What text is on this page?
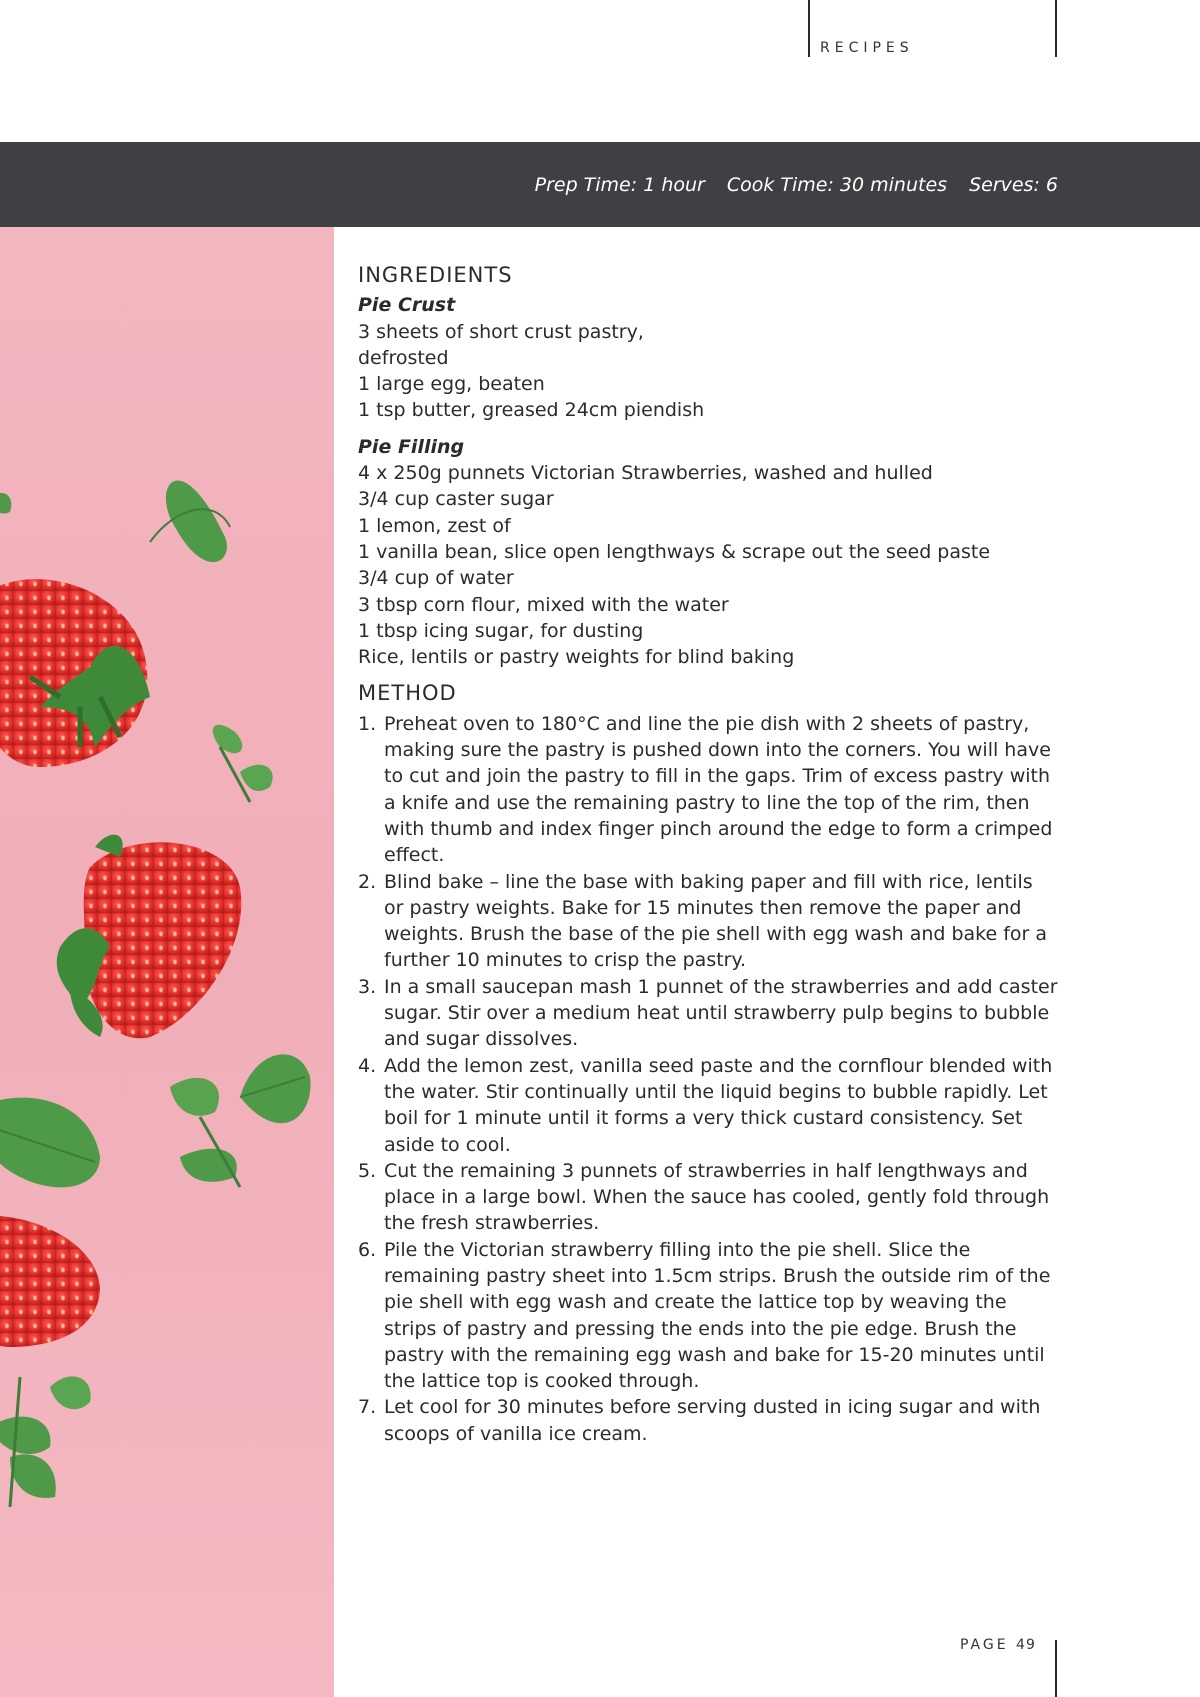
RECIPES
Prep Time: 1 hour Cook Time: 30 minutes Serves: 6
INGREDIENTS

Pie Crust

3 sheets of short crust pastry,
defrosted
1 large egg, beaten
1 tsp butter, greased 24cm piendish

Pie Filling

4 x 250g punnets Victorian Strawberries, washed and hulled
3/4 cup caster sugar
1 lemon, zest of
1 vanilla bean, slice open lengthways & scrape out the seed paste
3/4 cup of water
3 tbsp corn flour, mixed with the water
1 tbsp icing sugar, for dusting
Rice, lentils or pastry weights for blind baking
METHOD
1. Preheat oven to 180°C and line the pie dish with 2 sheets of pastry, making sure the pastry is pushed down into the corners. You will have to cut and join the pastry to fill in the gaps. Trim of excess pastry with a knife and use the remaining pastry to line the top of the rim, then with thumb and index finger pinch around the edge to form a crimped effect.
2. Blind bake – line the base with baking paper and fill with rice, lentils or pastry weights. Bake for 15 minutes then remove the paper and weights. Brush the base of the pie shell with egg wash and bake for a further 10 minutes to crisp the pastry.
3. In a small saucepan mash 1 punnet of the strawberries and add caster sugar. Stir over a medium heat until strawberry pulp begins to bubble and sugar dissolves.
4. Add the lemon zest, vanilla seed paste and the cornflour blended with the water. Stir continually until the liquid begins to bubble rapidly. Let boil for 1 minute until it forms a very thick custard consistency. Set aside to cool.
5. Cut the remaining 3 punnets of strawberries in half lengthways and place in a large bowl. When the sauce has cooled, gently fold through the fresh strawberries.
6. Pile the Victorian strawberry filling into the pie shell. Slice the remaining pastry sheet into 1.5cm strips. Brush the outside rim of the pie shell with egg wash and create the lattice top by weaving the strips of pastry and pressing the ends into the pie edge. Brush the pastry with the remaining egg wash and bake for 15-20 minutes until the lattice top is cooked through.
7. Let cool for 30 minutes before serving dusted in icing sugar and with scoops of vanilla ice cream.
PAGE 49
